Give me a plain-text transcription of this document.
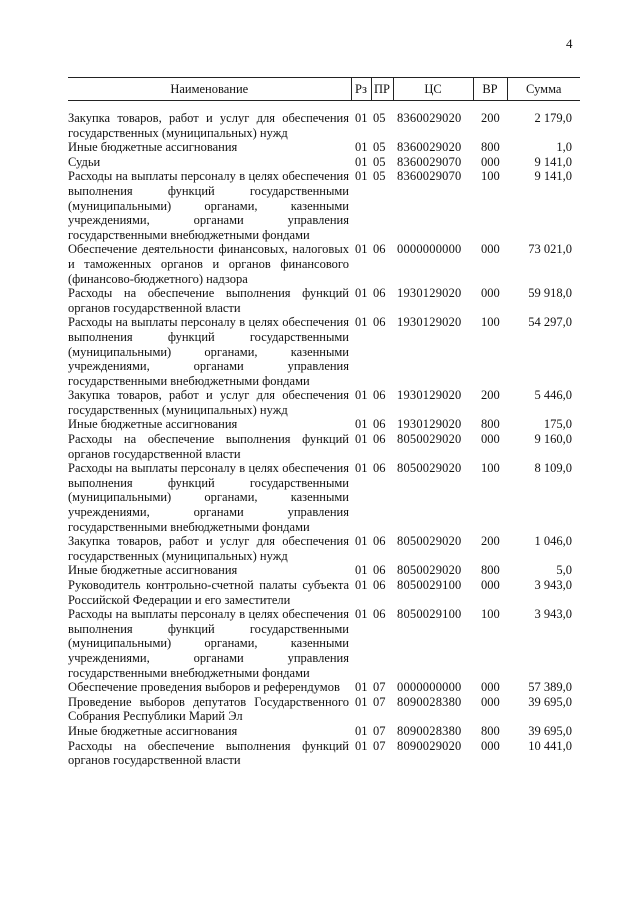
4
Наименование	Рз	ПР	ЦС	ВР	Сумма
Закупка товаров, работ и услуг для обеспечения государственных (муниципальных) нужд	01	05	8360029020	200	2 179,0
Иные бюджетные ассигнования	01	05	8360029020	800	1,0
Судьи	01	05	8360029070	000	9 141,0
Расходы на выплаты персоналу в целях обеспечения выполнения функций государственными (муниципальными) органами, казенными учреждениями, органами управления государственными внебюджетными фондами	01	05	8360029070	100	9 141,0
Обеспечение деятельности финансовых, налоговых и таможенных органов и органов финансового (финансово-бюджетного) надзора	01	06	0000000000	000	73 021,0
Расходы на обеспечение выполнения функций органов государственной власти	01	06	1930129020	000	59 918,0
Расходы на выплаты персоналу в целях обеспечения выполнения функций государственными (муниципальными) органами, казенными учреждениями, органами управления государственными внебюджетными фондами	01	06	1930129020	100	54 297,0
Закупка товаров, работ и услуг для обеспечения государственных (муниципальных) нужд	01	06	1930129020	200	5 446,0
Иные бюджетные ассигнования	01	06	1930129020	800	175,0
Расходы на обеспечение выполнения функций органов государственной власти	01	06	8050029020	000	9 160,0
Расходы на выплаты персоналу в целях обеспечения выполнения функций государственными (муниципальными) органами, казенными учреждениями, органами управления государственными внебюджетными фондами	01	06	8050029020	100	8 109,0
Закупка товаров, работ и услуг для обеспечения государственных (муниципальных) нужд	01	06	8050029020	200	1 046,0
Иные бюджетные ассигнования	01	06	8050029020	800	5,0
Руководитель контрольно-счетной палаты субъекта Российской Федерации и его заместители	01	06	8050029100	000	3 943,0
Расходы на выплаты персоналу в целях обеспечения выполнения функций государственными (муниципальными) органами, казенными учреждениями, органами управления государственными внебюджетными фондами	01	06	8050029100	100	3 943,0
Обеспечение проведения выборов и референдумов	01	07	0000000000	000	57 389,0
Проведение выборов депутатов Государственного Собрания Республики Марий Эл	01	07	8090028380	000	39 695,0
Иные бюджетные ассигнования	01	07	8090028380	800	39 695,0
Расходы на обеспечение выполнения функций органов государственной власти	01	07	8090029020	000	10 441,0
